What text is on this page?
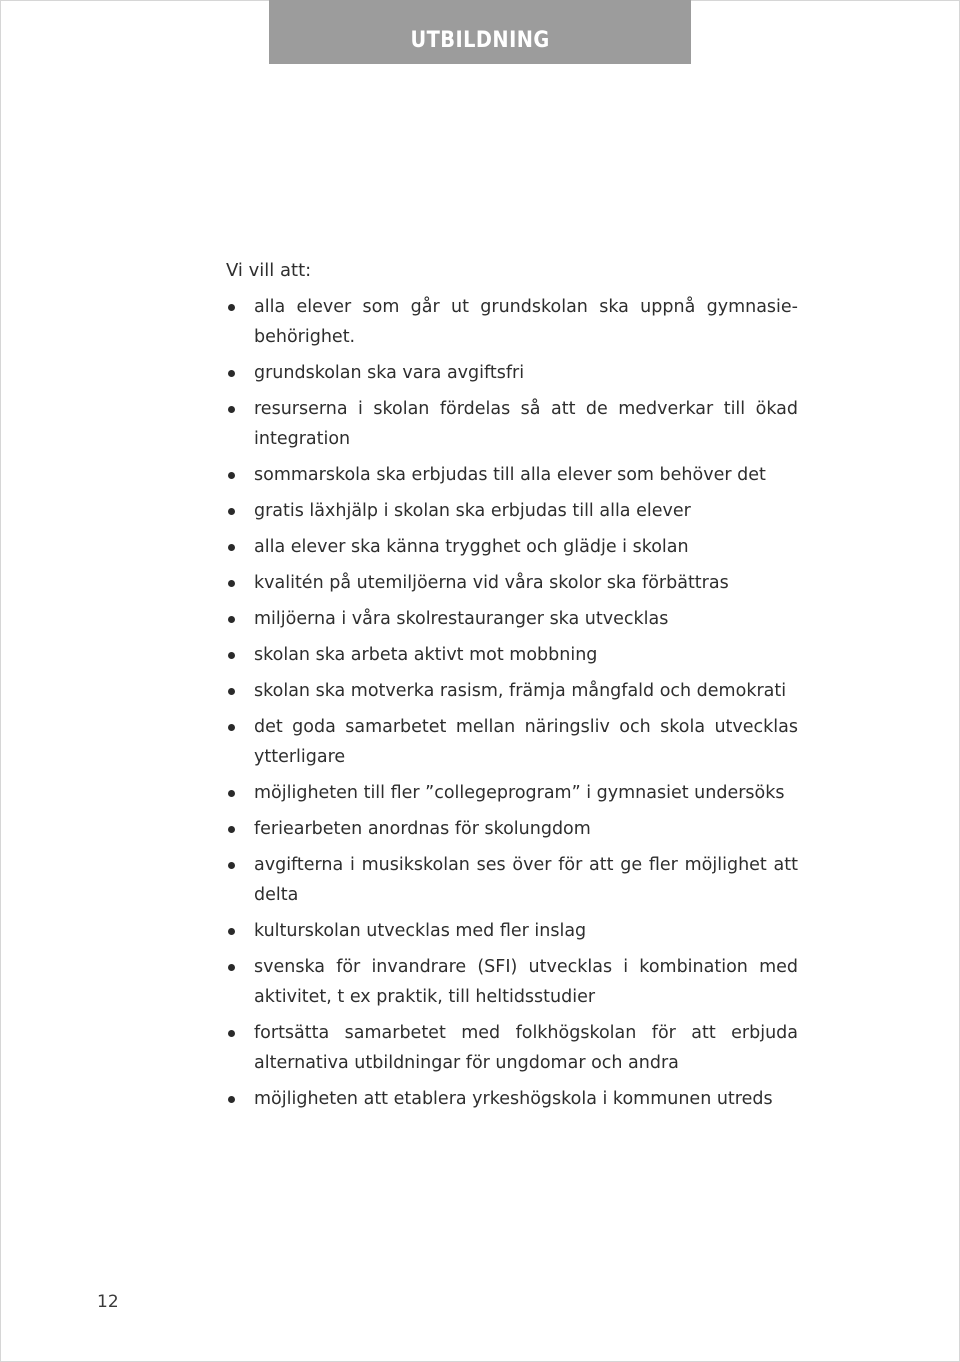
UTBILDNING

Vi vill att:

alla elever som går ut grundskolan ska uppnå gymnasie-behörighet.
grundskolan ska vara avgiftsfri
resurserna i skolan fördelas så att de medverkar till ökad integration
sommarskola ska erbjudas till alla elever som behöver det
gratis läxhjälp i skolan ska erbjudas till alla elever
alla elever ska känna trygghet och glädje i skolan
kvalitén på utemiljöerna vid våra skolor ska förbättras
miljöerna i våra skolrestauranger ska utvecklas
skolan ska arbeta aktivt mot mobbning
skolan ska motverka rasism, främja mångfald och demokrati
det goda samarbetet mellan näringsliv och skola utvecklas ytterligare
möjligheten till fler ”collegeprogram” i gymnasiet undersöks
feriearbeten anordnas för skolungdom
avgifterna i musikskolan ses över för att ge fler möjlighet att delta
kulturskolan utvecklas med fler inslag
svenska för invandrare (SFI) utvecklas i kombination med aktivitet, t ex praktik, till heltidsstudier
fortsätta samarbetet med folkhögskolan för att erbjuda alternativa utbildningar för ungdomar och andra
möjligheten att etablera yrkeshögskola i kommunen utreds
12
